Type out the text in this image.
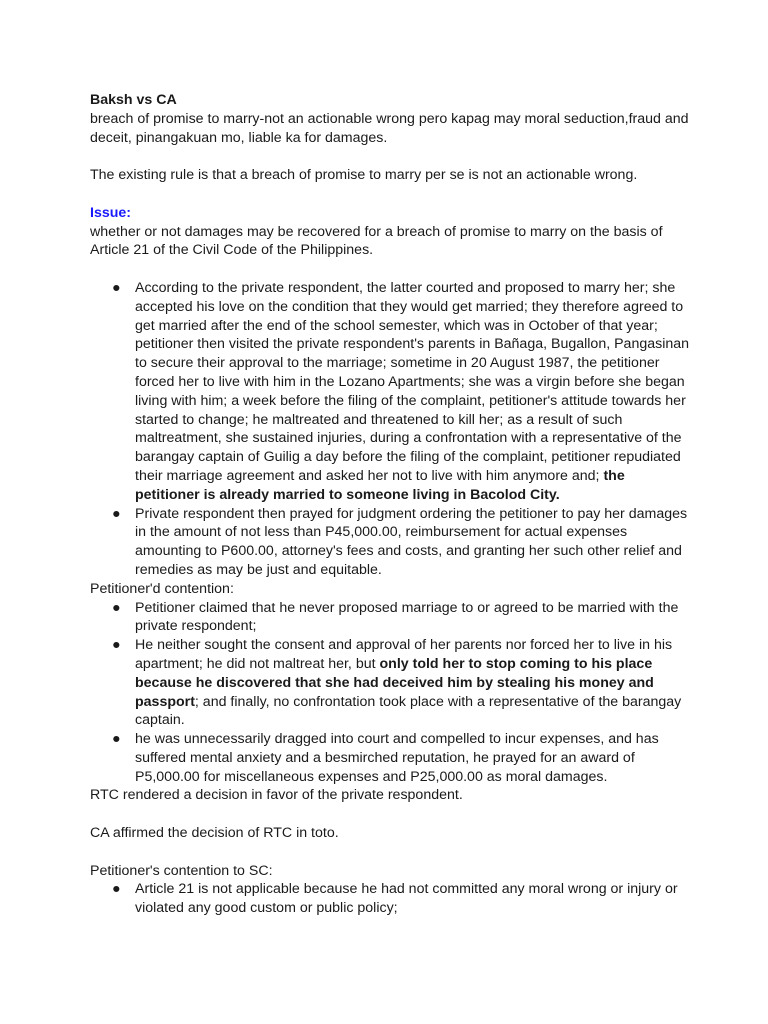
Baksh vs CA

breach of promise to marry-not an actionable wrong pero kapag may moral seduction,fraud and deceit, pinangakuan mo, liable ka for damages.

The existing rule is that a breach of promise to marry per se is not an actionable wrong.

Issue:

whether or not damages may be recovered for a breach of promise to marry on the basis of Article 21 of the Civil Code of the Philippines.

● According to the private respondent, the latter courted and proposed to marry her; she accepted his love on the condition that they would get married; they therefore agreed to get married after the end of the school semester, which was in October of that year; petitioner then visited the private respondent's parents in Bañaga, Bugallon, Pangasinan to secure their approval to the marriage; sometime in 20 August 1987, the petitioner forced her to live with him in the Lozano Apartments; she was a virgin before she began living with him; a week before the filing of the complaint, petitioner's attitude towards her started to change; he maltreated and threatened to kill her; as a result of such maltreatment, she sustained injuries, during a confrontation with a representative of the barangay captain of Guilig a day before the filing of the complaint, petitioner repudiated their marriage agreement and asked her not to live with him anymore and; the petitioner is already married to someone living in Bacolod City.
● Private respondent then prayed for judgment ordering the petitioner to pay her damages in the amount of not less than P45,000.00, reimbursement for actual expenses amounting to P600.00, attorney's fees and costs, and granting her such other relief and remedies as may be just and equitable.

Petitioner'd contention:

● Petitioner claimed that he never proposed marriage to or agreed to be married with the private respondent;
● He neither sought the consent and approval of her parents nor forced her to live in his apartment; he did not maltreat her, but only told her to stop coming to his place because he discovered that she had deceived him by stealing his money and passport; and finally, no confrontation took place with a representative of the barangay captain.
● he was unnecessarily dragged into court and compelled to incur expenses, and has suffered mental anxiety and a besmirched reputation, he prayed for an award of P5,000.00 for miscellaneous expenses and P25,000.00 as moral damages.

RTC rendered a decision in favor of the private respondent.

CA affirmed the decision of RTC in toto.

Petitioner's contention to SC:

● Article 21 is not applicable because he had not committed any moral wrong or injury or violated any good custom or public policy;
